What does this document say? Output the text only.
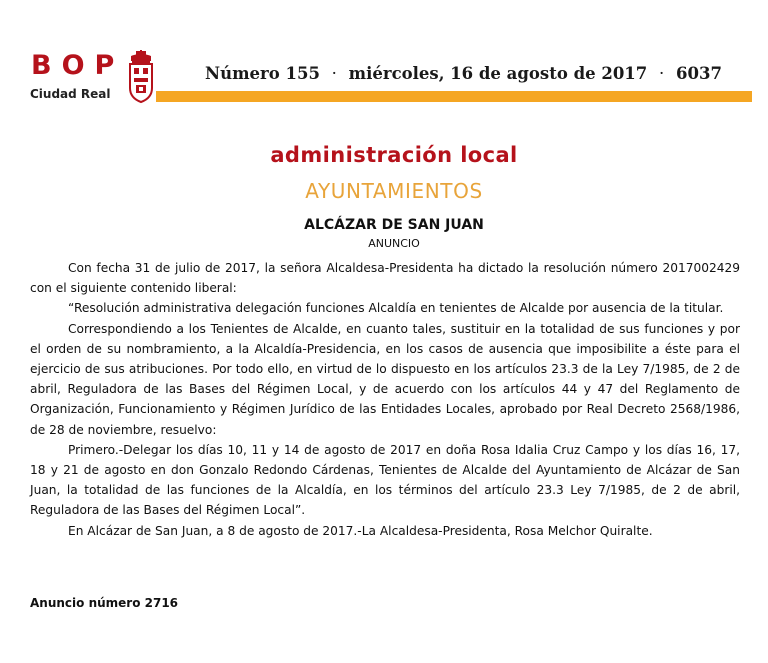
BOP
Ciudad Real
Número 155 · miércoles, 16 de agosto de 2017 · 6037
administración local
AYUNTAMIENTOS
ALCÁZAR DE SAN JUAN
ANUNCIO

Con fecha 31 de julio de 2017, la señora Alcaldesa-Presidenta ha dictado la resolución número 2017002429 con el siguiente contenido liberal:

“Resolución administrativa delegación funciones Alcaldía en tenientes de Alcalde por ausencia de la titular.

Correspondiendo a los Tenientes de Alcalde, en cuanto tales, sustituir en la totalidad de sus funciones y por el orden de su nombramiento, a la Alcaldía-Presidencia, en los casos de ausencia que imposibilite a éste para el ejercicio de sus atribuciones. Por todo ello, en virtud de lo dispuesto en los artículos 23.3 de la Ley 7/1985, de 2 de abril, Reguladora de las Bases del Régimen Local, y de acuerdo con los artículos 44 y 47 del Reglamento de Organización, Funcionamiento y Régimen Jurídico de las Entidades Locales, aprobado por Real Decreto 2568/1986, de 28 de noviembre, resuelvo:

Primero.-Delegar los días 10, 11 y 14 de agosto de 2017 en doña Rosa Idalia Cruz Campo y los días 16, 17, 18 y 21 de agosto en don Gonzalo Redondo Cárdenas, Tenientes de Alcalde del Ayuntamiento de Alcázar de San Juan, la totalidad de las funciones de la Alcaldía, en los términos del artículo 23.3 Ley 7/1985, de 2 de abril, Reguladora de las Bases del Régimen Local”.

En Alcázar de San Juan, a 8 de agosto de 2017.-La Alcaldesa-Presidenta, Rosa Melchor Quiralte.

Anuncio número 2716
